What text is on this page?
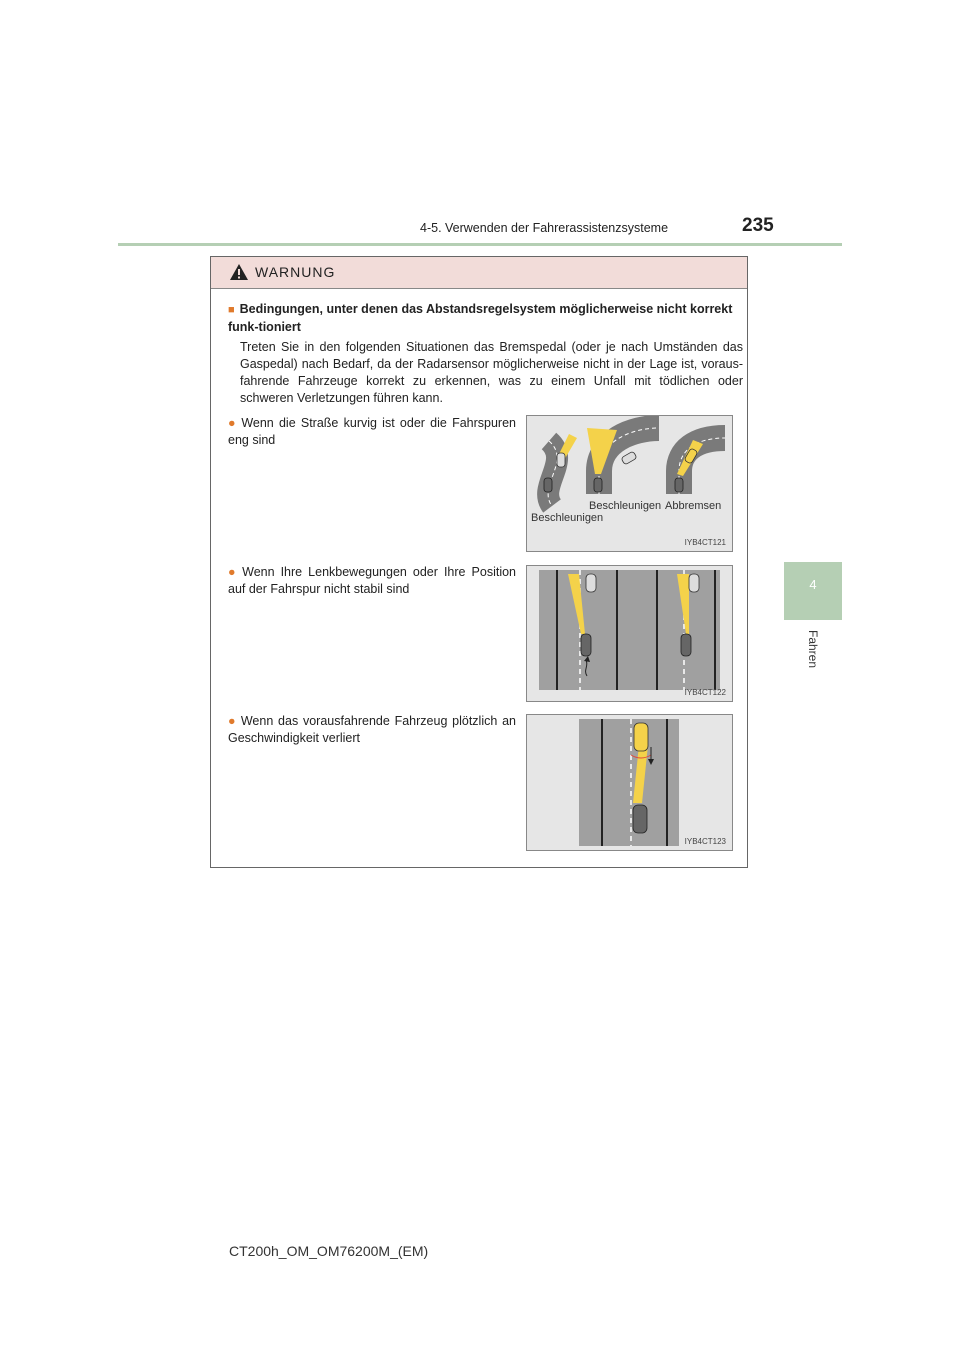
4-5. Verwenden der Fahrerassistenzsysteme	235
4
Fahren
WARNUNG
■ Bedingungen, unter denen das Abstandsregelsystem möglicherweise nicht korrekt funk-tioniert
Treten Sie in den folgenden Situationen das Bremspedal (oder je nach Umständen das Gaspedal) nach Bedarf, da der Radarsensor möglicherweise nicht in der Lage ist, voraus-fahrende Fahrzeuge korrekt zu erkennen, was zu einem Unfall mit tödlichen oder schweren Verletzungen führen kann.
● Wenn die Straße kurvig ist oder die Fahrspuren eng sind
Beschleunigen
Beschleunigen Abbremsen
IYB4CT121
● Wenn Ihre Lenkbewegungen oder Ihre Position auf der Fahrspur nicht stabil sind
IYB4CT122
● Wenn das vorausfahrende Fahrzeug plötzlich an Geschwindigkeit verliert
IYB4CT123
CT200h_OM_OM76200M_(EM)
